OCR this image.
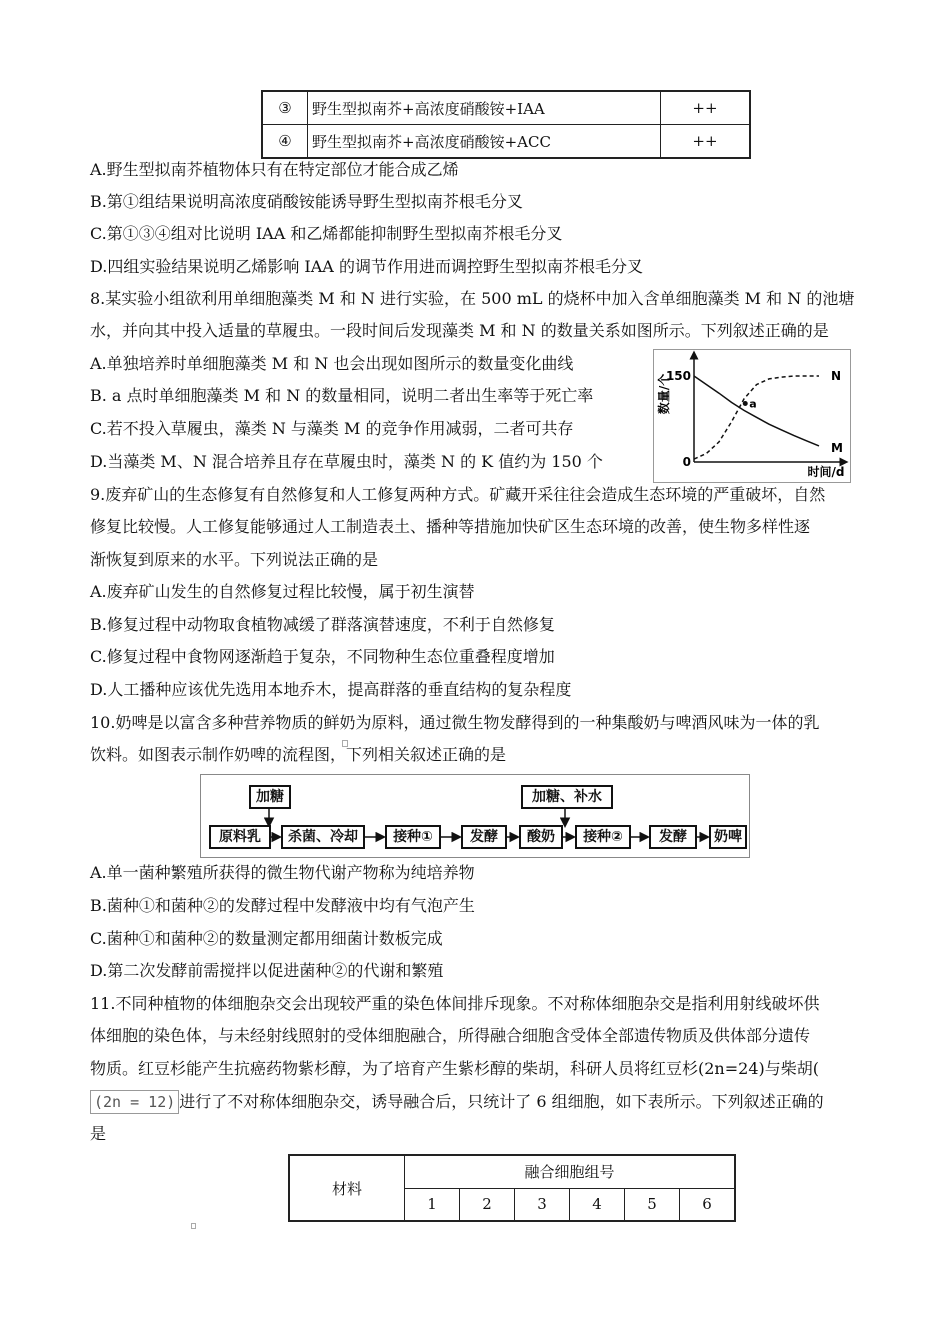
③	野生型拟南芥+高浓度硝酸铵+IAA	++
④	野生型拟南芥+高浓度硝酸铵+ACC	++
A.野生型拟南芥植物体只有在特定部位才能合成乙烯
B.第①组结果说明高浓度硝酸铵能诱导野生型拟南芥根毛分叉
C.第①③④组对比说明 IAA 和乙烯都能抑制野生型拟南芥根毛分叉
D.四组实验结果说明乙烯影响 IAA 的调节作用进而调控野生型拟南芥根毛分叉
8.某实验小组欲利用单细胞藻类 M 和 N 进行实验，在 500 mL 的烧杯中加入含单细胞藻类 M 和 N 的池塘
水，并向其中投入适量的草履虫。一段时间后发现藻类 M 和 N 的数量关系如图所示。下列叙述正确的是
A.单独培养时单细胞藻类 M 和 N 也会出现如图所示的数量变化曲线
B. a 点时单细胞藻类 M 和 N 的数量相同，说明二者出生率等于死亡率
C.若不投入草履虫，藻类 N 与藻类 M 的竞争作用减弱，二者可共存
D.当藻类 M、N 混合培养且存在草履虫时，藻类 N 的 K 值约为 150 个
数量/个
时间/d
150
0
N
M
a
9.废弃矿山的生态修复有自然修复和人工修复两种方式。矿藏开采往往会造成生态环境的严重破坏，自然
修复比较慢。人工修复能够通过人工制造表土、播种等措施加快矿区生态环境的改善，使生物多样性逐
渐恢复到原来的水平。下列说法正确的是
A.废弃矿山发生的自然修复过程比较慢，属于初生演替
B.修复过程中动物取食植物减缓了群落演替速度，不利于自然修复
C.修复过程中食物网逐渐趋于复杂，不同物种生态位重叠程度增加
D.人工播种应该优先选用本地乔木，提高群落的垂直结构的复杂程度
10.奶啤是以富含多种营养物质的鲜奶为原料，通过微生物发酵得到的一种集酸奶与啤酒风味为一体的乳
饮料。如图表示制作奶啤的流程图，下列相关叙述正确的是
加糖	加糖、补水
原料乳	杀菌、冷却	接种①	发酵	酸奶	接种②	发酵	奶啤
A.单一菌种繁殖所获得的微生物代谢产物称为纯培养物
B.菌种①和菌种②的发酵过程中发酵液中均有气泡产生
C.菌种①和菌种②的数量测定都用细菌计数板完成
D.第二次发酵前需搅拌以促进菌种②的代谢和繁殖
11.不同种植物的体细胞杂交会出现较严重的染色体间排斥现象。不对称体细胞杂交是指利用射线破坏供
体细胞的染色体，与未经射线照射的受体细胞融合，所得融合细胞含受体全部遗传物质及供体部分遗传
物质。红豆杉能产生抗癌药物紫杉醇，为了培育产生紫杉醇的柴胡，科研人员将红豆杉(2n=24)与柴胡(
(2n = 12) 进行了不对称体细胞杂交，诱导融合后，只统计了 6 组细胞，如下表所示。下列叙述正确的
是
材料	融合细胞组号					
	1	2	3	4	5	6
